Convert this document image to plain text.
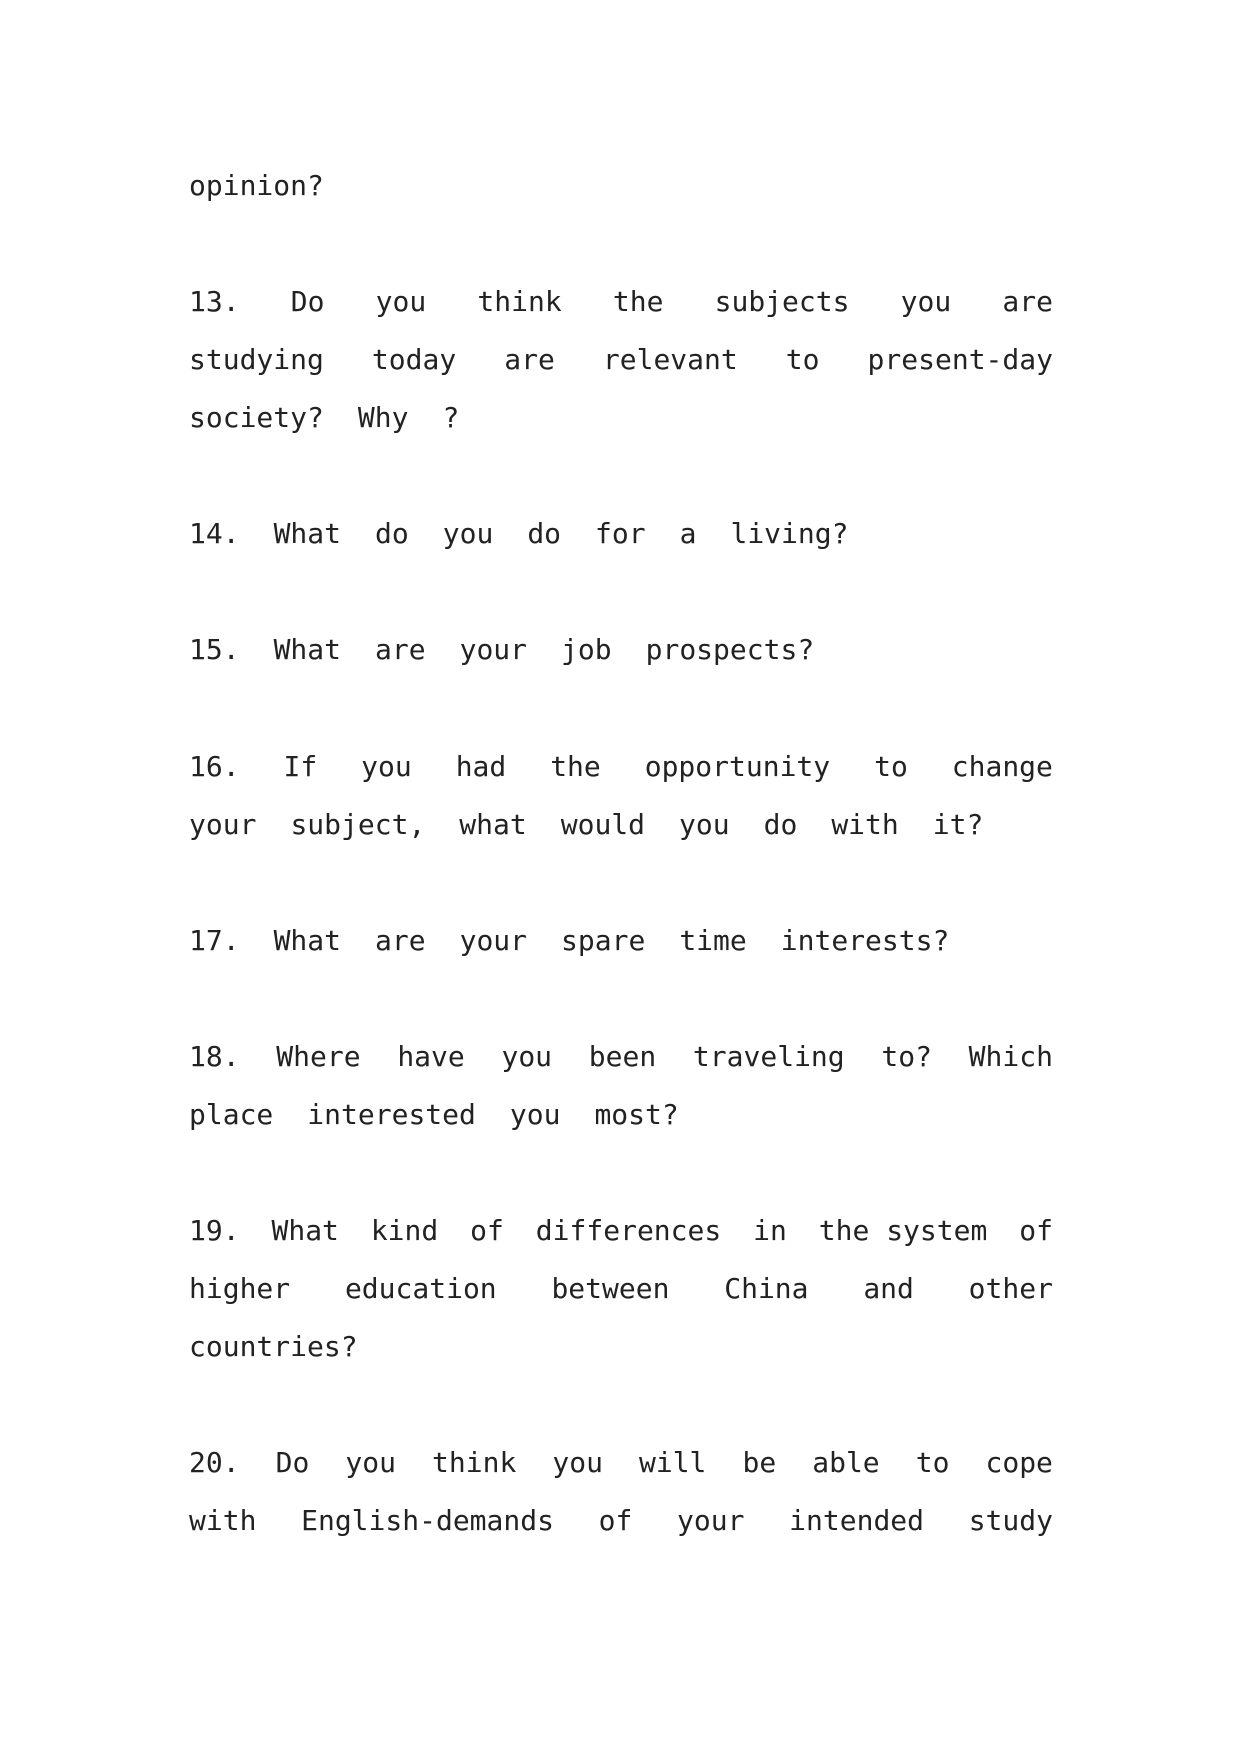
opinion?

13. Do you think the subjects you are

studying today are relevant to present-day

society? Why ?

14. What do you do for a living?

15. What are your job prospects?

16. If you had the opportunity to change

your subject, what would you do with it?

17. What are your spare time interests?

18. Where have you been traveling to? Which

place interested you most?

19. What kind of differences in the system of

higher education between China and other

countries?

20. Do you think you will be able to cope

with English-demands of your intended study
